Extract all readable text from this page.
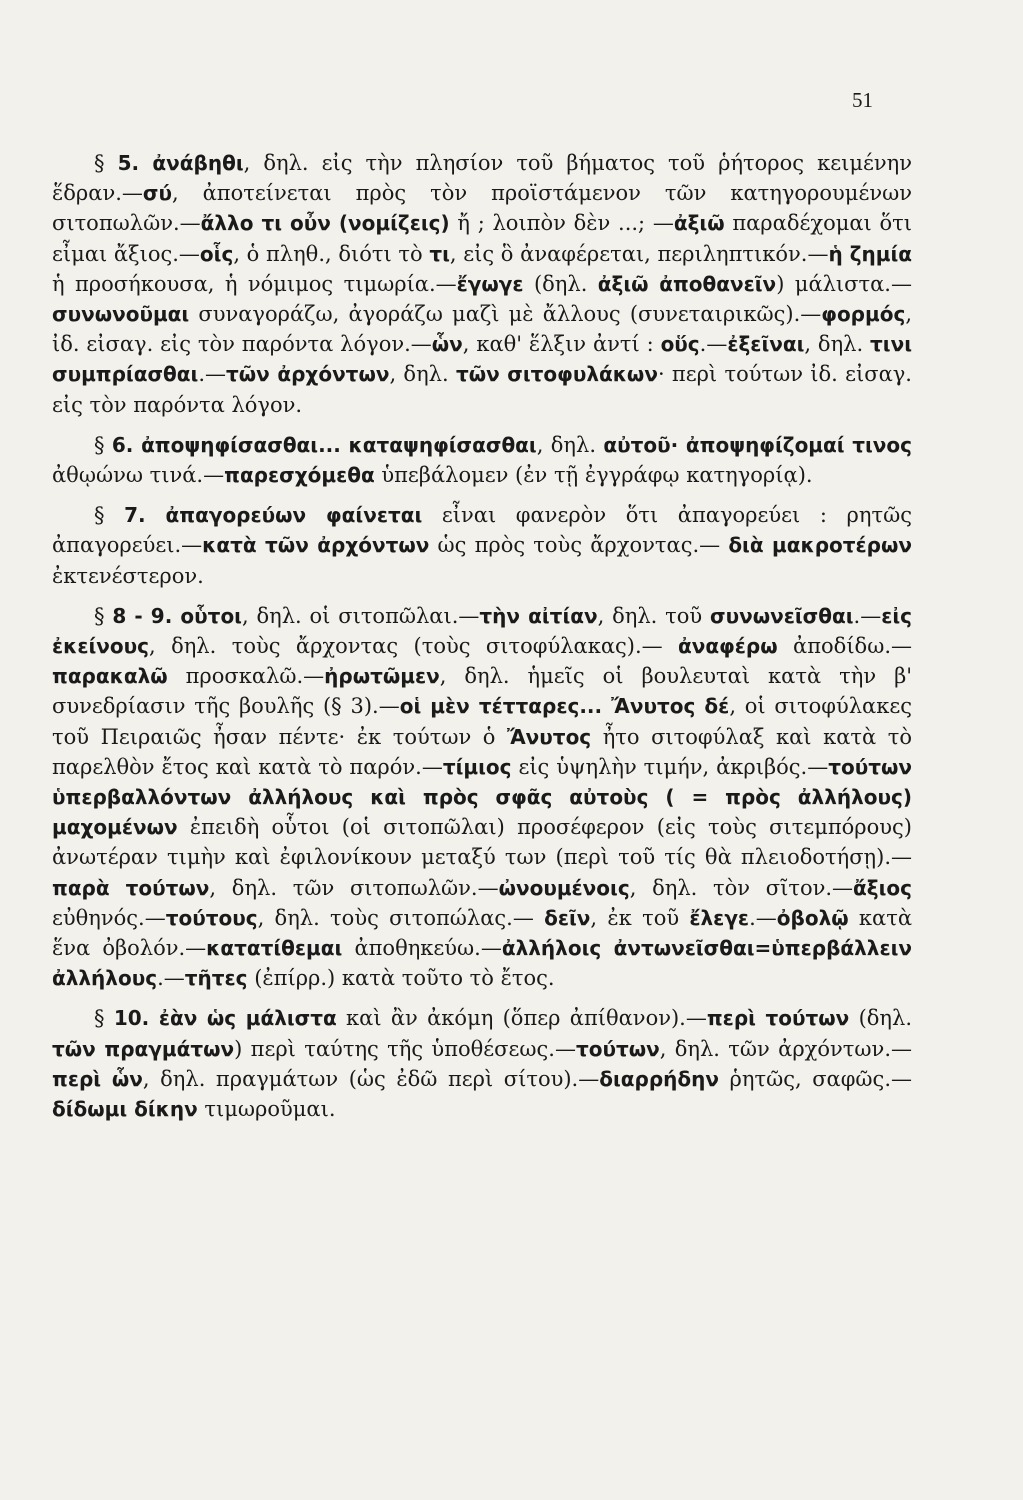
51

§ 5. ἀνάβηθι, δηλ. εἰς τὴν πλησίον τοῦ βήματος τοῦ ῥήτορος κειμένην ἕδραν.—σύ, ἀποτείνεται πρὸς τὸν προϊστάμενον τῶν κατηγορουμένων σιτοπωλῶν.—ἄλλο τι οὖν (νομίζεις) ἤ ; λοιπὸν δὲν ...; —ἀξιῶ παραδέχομαι ὅτι εἶμαι ἄξιος.—οἷς, ὁ πληθ., διότι τὸ τι, εἰς ὃ ἀναφέρεται, περιληπτικόν.—ἡ ζημία ἡ προσήκουσα, ἡ νόμιμος τιμωρία.—ἔγωγε (δηλ. ἀξιῶ ἀποθανεῖν) μάλιστα.—συνωνοῦμαι συναγοράζω, ἀγοράζω μαζὶ μὲ ἄλλους (συνεταιρικῶς).—φορμός, ἰδ. εἰσαγ. εἰς τὸν παρόντα λόγον.—ὧν, καθ' ἕλξιν ἀντί : οὕς.—ἐξεῖναι, δηλ. τινι συμπρίασθαι.—τῶν ἀρχόντων, δηλ. τῶν σιτοφυλάκων· περὶ τούτων ἰδ. εἰσαγ. εἰς τὸν παρόντα λόγον.

§ 6. ἀποψηφίσασθαι... καταψηφίσασθαι, δηλ. αὐτοῦ· ἀποψηφίζομαί τινος ἀθῳώνω τινά.—παρεσχόμεθα ὑπεβάλομεν (ἐν τῇ ἐγγράφῳ κατηγορίᾳ).

§ 7. ἀπαγορεύων φαίνεται εἶναι φανερὸν ὅτι ἀπαγορεύει : ρητῶς ἀπαγορεύει.—κατὰ τῶν ἀρχόντων ὡς πρὸς τοὺς ἄρχοντας.— διὰ μακροτέρων ἐκτενέστερον.

§ 8 - 9. οὗτοι, δηλ. οἱ σιτοπῶλαι.—τὴν αἰτίαν, δηλ. τοῦ συνωνεῖσθαι.—εἰς ἐκείνους, δηλ. τοὺς ἄρχοντας (τοὺς σιτοφύλακας).— ἀναφέρω ἀποδίδω.—παρακαλῶ προσκαλῶ.—ἠρωτῶμεν, δηλ. ἡμεῖς οἱ βουλευταὶ κατὰ τὴν β' συνεδρίασιν τῆς βουλῆς (§ 3).—οἱ μὲν τέτταρες... Ἄνυτος δέ, οἱ σιτοφύλακες τοῦ Πειραιῶς ἦσαν πέντε· ἐκ τούτων ὁ Ἄνυτος ἦτο σιτοφύλαξ καὶ κατὰ τὸ παρελθὸν ἔτος καὶ κατὰ τὸ παρόν.—τίμιος εἰς ὑψηλὴν τιμήν, ἀκριβός.—τούτων ὑπερβαλλόντων ἀλλήλους καὶ πρὸς σφᾶς αὐτοὺς ( = πρὸς ἀλλήλους) μαχομένων ἐπειδὴ οὗτοι (οἱ σιτοπῶλαι) προσέφερον (εἰς τοὺς σιτεμπόρους) ἀνωτέραν τιμὴν καὶ ἐφιλονίκουν μεταξύ των (περὶ τοῦ τίς θὰ πλειοδοτήσῃ).—παρὰ τούτων, δηλ. τῶν σιτοπωλῶν.—ὠνουμένοις, δηλ. τὸν σῖτον.—ἄξιος εὐθηνός.—τούτους, δηλ. τοὺς σιτοπώλας.— δεῖν, ἐκ τοῦ ἔλεγε.—ὀβολῷ κατὰ ἕνα ὀβολόν.—κατατίθεμαι ἀποθηκεύω.—ἀλλήλοις ἀντωνεῖσθαι=ὑπερβάλλειν ἀλλήλους.—τῆτες (ἐπίρρ.) κατὰ τοῦτο τὸ ἔτος.

§ 10. ἐὰν ὡς μάλιστα καὶ ἂν ἀκόμη (ὅπερ ἀπίθανον).—περὶ τούτων (δηλ. τῶν πραγμάτων) περὶ ταύτης τῆς ὑποθέσεως.—τούτων, δηλ. τῶν ἀρχόντων.—περὶ ὧν, δηλ. πραγμάτων (ὡς ἐδῶ περὶ σίτου).—διαρρήδην ῥητῶς, σαφῶς.—δίδωμι δίκην τιμωροῦμαι.
